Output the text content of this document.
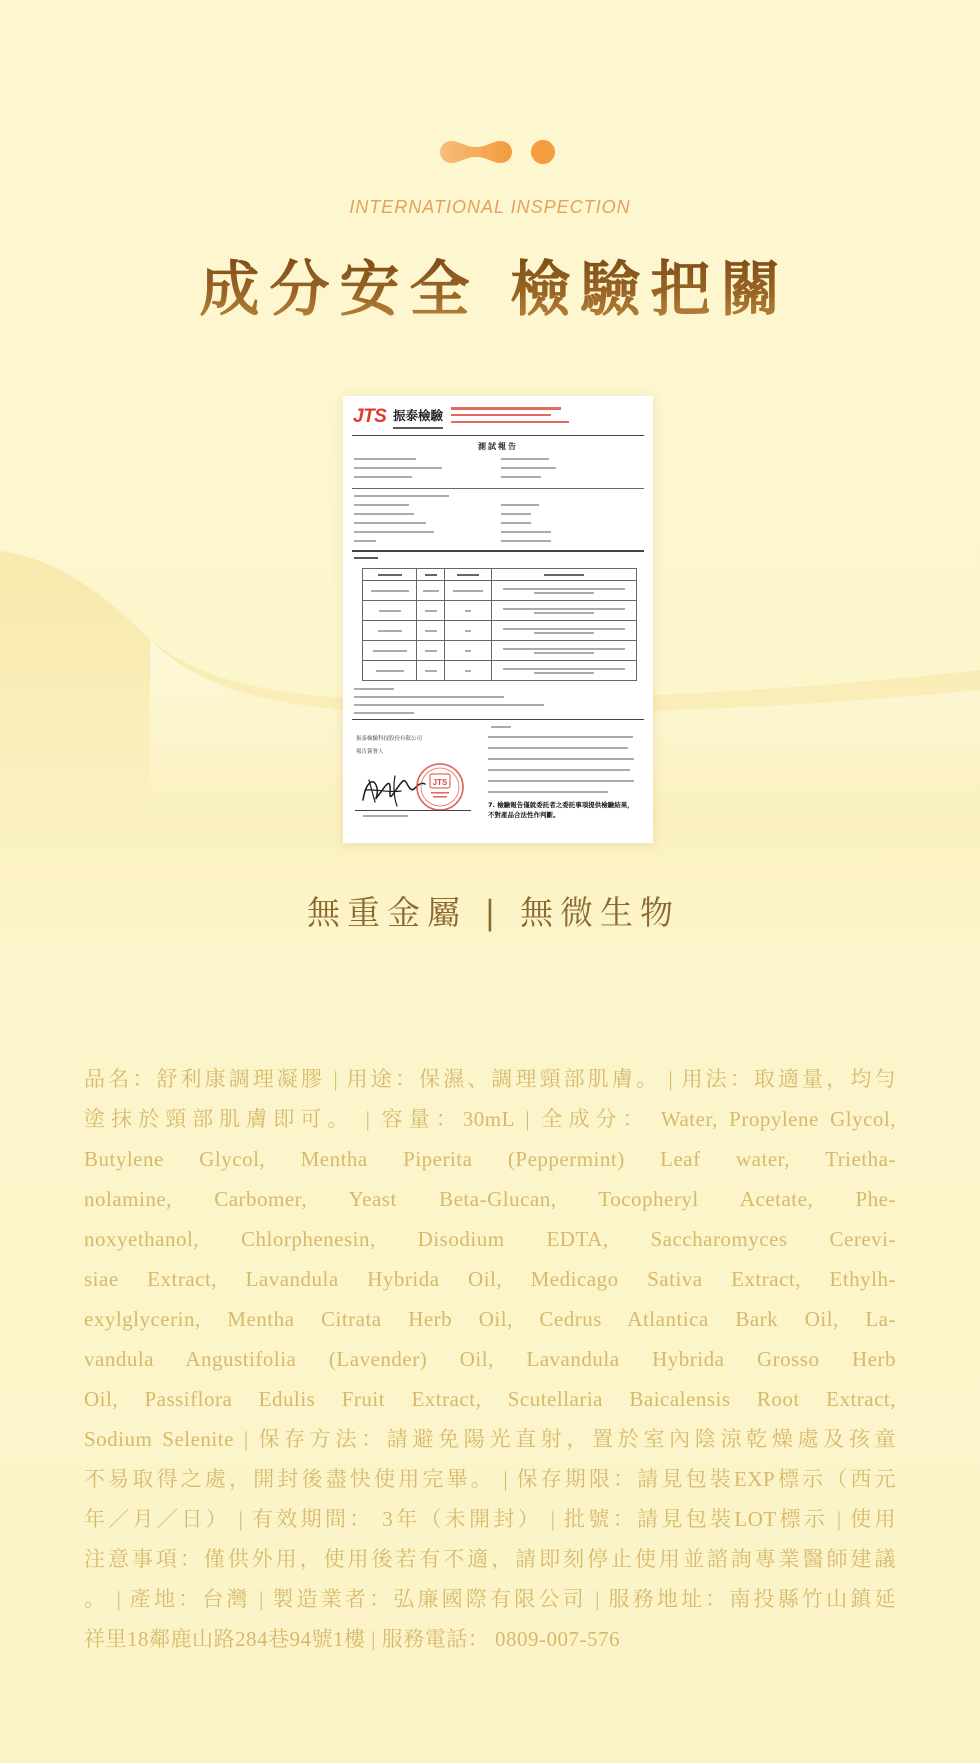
INTERNATIONAL INSPECTION
成分安全 檢驗把關
JTS 振泰檢驗
測試報告

振泰檢驗科技股份有限公司
報告簽署人
JTS
7. 檢驗報告僅就委託者之委託事項提供檢驗結果，不對產品合法性作判斷。
無重金屬 | 無微生物
品名：舒利康調理凝膠 | 用途：保濕、調理頸部肌膚。 | 用法：取適量，均勻
塗抹於頸部肌膚即可。 | 容量：30mL | 全成分： Water, Propylene Glycol,
Butylene Glycol, Mentha Piperita (Peppermint) Leaf water, Trietha-
nolamine, Carbomer, Yeast Beta-Glucan, Tocopheryl Acetate, Phe-
noxyethanol, Chlorphenesin, Disodium EDTA, Saccharomyces Cerevi-
siae Extract, Lavandula Hybrida Oil, Medicago Sativa Extract, Ethylh-
exylglycerin, Mentha Citrata Herb Oil, Cedrus Atlantica Bark Oil, La-
vandula Angustifolia (Lavender) Oil, Lavandula Hybrida Grosso Herb
Oil, Passiflora Edulis Fruit Extract, Scutellaria Baicalensis Root Extract,
Sodium Selenite | 保存方法：請避免陽光直射，置於室內陰涼乾燥處及孩童
不易取得之處，開封後盡快使用完畢。 | 保存期限：請見包裝EXP標示（西元
年／月／日） | 有效期間： 3年（未開封） | 批號：請見包裝LOT標示 | 使用
注意事項：僅供外用，使用後若有不適，請即刻停止使用並諮詢專業醫師建議
。 | 產地：台灣 | 製造業者：弘廉國際有限公司 | 服務地址：南投縣竹山鎮延
祥里18鄰鹿山路284巷94號1樓 | 服務電話： 0809-007-576
